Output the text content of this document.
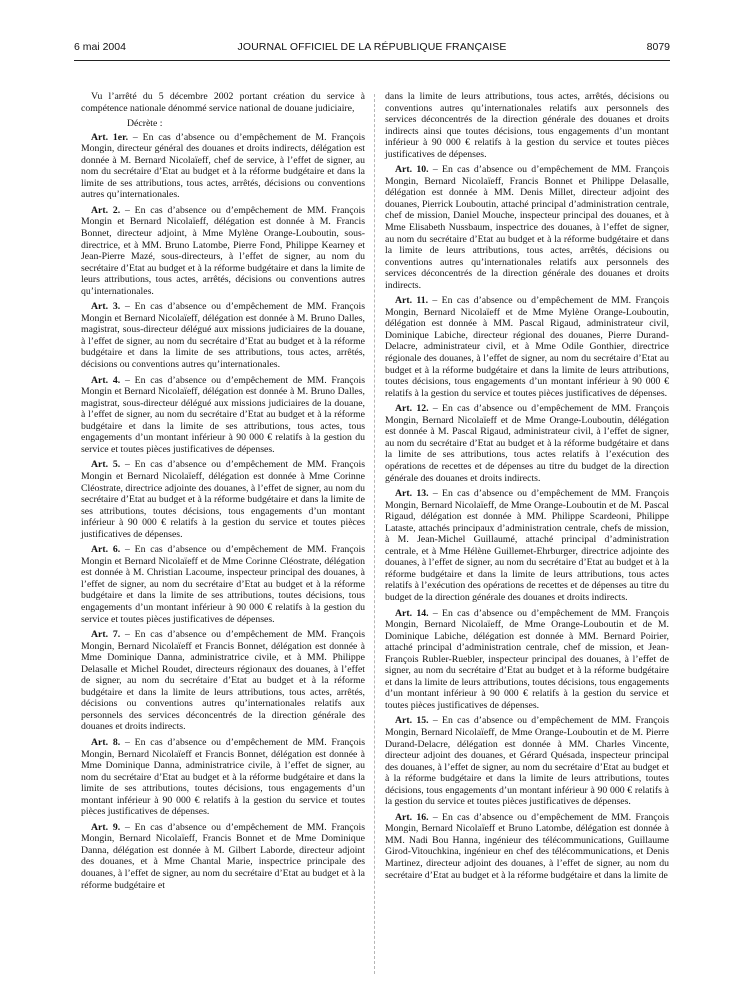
6 mai 2004	JOURNAL OFFICIEL DE LA RÉPUBLIQUE FRANÇAISE	8079

Vu l’arrêté du 5 décembre 2002 portant création du service à compétence nationale dénommé service national de douane judiciaire,

Décrète :

Art. 1er. – En cas d’absence ou d’empêchement de M. François Mongin, directeur général des douanes et droits indirects, délégation est donnée à M. Bernard Nicolaïeff, chef de service, à l’effet de signer, au nom du secrétaire d’Etat au budget et à la réforme budgétaire et dans la limite de ses attributions, tous actes, arrêtés, décisions ou conventions autres qu’internationales.

Art. 2. – En cas d’absence ou d’empêchement de MM. François Mongin et Bernard Nicolaïeff, délégation est donnée à M. Francis Bonnet, directeur adjoint, à Mme Mylène Orange-Louboutin, sous-directrice, et à MM. Bruno Latombe, Pierre Fond, Philippe Kearney et Jean-Pierre Mazé, sous-directeurs, à l’effet de signer, au nom du secrétaire d’Etat au budget et à la réforme budgétaire et dans la limite de leurs attributions, tous actes, arrêtés, décisions ou conventions autres qu’internationales.

Art. 3. – En cas d’absence ou d’empêchement de MM. François Mongin et Bernard Nicolaïeff, délégation est donnée à M. Bruno Dalles, magistrat, sous-directeur délégué aux missions judiciaires de la douane, à l’effet de signer, au nom du secrétaire d’Etat au budget et à la réforme budgétaire et dans la limite de ses attributions, tous actes, arrêtés, décisions ou conventions autres qu’internationales.

Art. 4. – En cas d’absence ou d’empêchement de MM. François Mongin et Bernard Nicolaïeff, délégation est donnée à M. Bruno Dalles, magistrat, sous-directeur délégué aux missions judiciaires de la douane, à l’effet de signer, au nom du secrétaire d’Etat au budget et à la réforme budgétaire et dans la limite de ses attributions, tous actes, tous engagements d’un montant inférieur à 90 000 € relatifs à la gestion du service et toutes pièces justificatives de dépenses.

Art. 5. – En cas d’absence ou d’empêchement de MM. François Mongin et Bernard Nicolaïeff, délégation est donnée à Mme Corinne Cléostrate, directrice adjointe des douanes, à l’effet de signer, au nom du secrétaire d’Etat au budget et à la réforme budgétaire et dans la limite de ses attributions, toutes décisions, tous engagements d’un montant inférieur à 90 000 € relatifs à la gestion du service et toutes pièces justificatives de dépenses.

Art. 6. – En cas d’absence ou d’empêchement de MM. François Mongin et Bernard Nicolaïeff et de Mme Corinne Cléostrate, délégation est donnée à M. Christian Lacoume, inspecteur principal des douanes, à l’effet de signer, au nom du secrétaire d’Etat au budget et à la réforme budgétaire et dans la limite de ses attributions, toutes décisions, tous engagements d’un montant inférieur à 90 000 € relatifs à la gestion du service et toutes pièces justificatives de dépenses.

Art. 7. – En cas d’absence ou d’empêchement de MM. François Mongin, Bernard Nicolaïeff et Francis Bonnet, délégation est donnée à Mme Dominique Danna, administratrice civile, et à MM. Philippe Delasalle et Michel Roudet, directeurs régionaux des douanes, à l’effet de signer, au nom du secrétaire d’Etat au budget et à la réforme budgétaire et dans la limite de leurs attributions, tous actes, arrêtés, décisions ou conventions autres qu’internationales relatifs aux personnels des services déconcentrés de la direction générale des douanes et droits indirects.

Art. 8. – En cas d’absence ou d’empêchement de MM. François Mongin, Bernard Nicolaïeff et Francis Bonnet, délégation est donnée à Mme Dominique Danna, administratrice civile, à l’effet de signer, au nom du secrétaire d’Etat au budget et à la réforme budgétaire et dans la limite de ses attributions, toutes décisions, tous engagements d’un montant inférieur à 90 000 € relatifs à la gestion du service et toutes pièces justificatives de dépenses.

Art. 9. – En cas d’absence ou d’empêchement de MM. François Mongin, Bernard Nicolaïeff, Francis Bonnet et de Mme Dominique Danna, délégation est donnée à M. Gilbert Laborde, directeur adjoint des douanes, et à Mme Chantal Marie, inspectrice principale des douanes, à l’effet de signer, au nom du secrétaire d’Etat au budget et à la réforme budgétaire et

dans la limite de leurs attributions, tous actes, arrêtés, décisions ou conventions autres qu’internationales relatifs aux personnels des services déconcentrés de la direction générale des douanes et droits indirects ainsi que toutes décisions, tous engagements d’un montant inférieur à 90 000 € relatifs à la gestion du service et toutes pièces justificatives de dépenses.

Art. 10. – En cas d’absence ou d’empêchement de MM. François Mongin, Bernard Nicolaïeff, Francis Bonnet et Philippe Delasalle, délégation est donnée à MM. Denis Millet, directeur adjoint des douanes, Pierrick Louboutin, attaché principal d’administration centrale, chef de mission, Daniel Mouche, inspecteur principal des douanes, et à Mme Elisabeth Nussbaum, inspectrice des douanes, à l’effet de signer, au nom du secrétaire d’Etat au budget et à la réforme budgétaire et dans la limite de leurs attributions, tous actes, arrêtés, décisions ou conventions autres qu’internationales relatifs aux personnels des services déconcentrés de la direction générale des douanes et droits indirects.

Art. 11. – En cas d’absence ou d’empêchement de MM. François Mongin, Bernard Nicolaïeff et de Mme Mylène Orange-Louboutin, délégation est donnée à MM. Pascal Rigaud, administrateur civil, Dominique Labiche, directeur régional des douanes, Pierre Durand-Delacre, administrateur civil, et à Mme Odile Gonthier, directrice régionale des douanes, à l’effet de signer, au nom du secrétaire d’Etat au budget et à la réforme budgétaire et dans la limite de leurs attributions, toutes décisions, tous engagements d’un montant inférieur à 90 000 € relatifs à la gestion du service et toutes pièces justificatives de dépenses.

Art. 12. – En cas d’absence ou d’empêchement de MM. François Mongin, Bernard Nicolaïeff et de Mme Orange-Louboutin, délégation est donnée à M. Pascal Rigaud, administrateur civil, à l’effet de signer, au nom du secrétaire d’Etat au budget et à la réforme budgétaire et dans la limite de ses attributions, tous actes relatifs à l’exécution des opérations de recettes et de dépenses au titre du budget de la direction générale des douanes et droits indirects.

Art. 13. – En cas d’absence ou d’empêchement de MM. François Mongin, Bernard Nicolaïeff, de Mme Orange-Louboutin et de M. Pascal Rigaud, délégation est donnée à MM. Philippe Scardeoni, Philippe Lataste, attachés principaux d’administration centrale, chefs de mission, à M. Jean-Michel Guillaumé, attaché principal d’administration centrale, et à Mme Hélène Guillemet-Ehrburger, directrice adjointe des douanes, à l’effet de signer, au nom du secrétaire d’Etat au budget et à la réforme budgétaire et dans la limite de leurs attributions, tous actes relatifs à l’exécution des opérations de recettes et de dépenses au titre du budget de la direction générale des douanes et droits indirects.

Art. 14. – En cas d’absence ou d’empêchement de MM. François Mongin, Bernard Nicolaïeff, de Mme Orange-Louboutin et de M. Dominique Labiche, délégation est donnée à MM. Bernard Poirier, attaché principal d’administration centrale, chef de mission, et Jean-François Rubler-Ruebler, inspecteur principal des douanes, à l’effet de signer, au nom du secrétaire d’Etat au budget et à la réforme budgétaire et dans la limite de leurs attributions, toutes décisions, tous engagements d’un montant inférieur à 90 000 € relatifs à la gestion du service et toutes pièces justificatives de dépenses.

Art. 15. – En cas d’absence ou d’empêchement de MM. François Mongin, Bernard Nicolaïeff, de Mme Orange-Louboutin et de M. Pierre Durand-Delacre, délégation est donnée à MM. Charles Vincente, directeur adjoint des douanes, et Gérard Quésada, inspecteur principal des douanes, à l’effet de signer, au nom du secrétaire d’Etat au budget et à la réforme budgétaire et dans la limite de leurs attributions, toutes décisions, tous engagements d’un montant inférieur à 90 000 € relatifs à la gestion du service et toutes pièces justificatives de dépenses.

Art. 16. – En cas d’absence ou d’empêchement de MM. François Mongin, Bernard Nicolaïeff et Bruno Latombe, délégation est donnée à MM. Nadi Bou Hanna, ingénieur des télécommunications, Guillaume Girod-Vitouchkina, ingénieur en chef des télécommunications, et Denis Martinez, directeur adjoint des douanes, à l’effet de signer, au nom du secrétaire d’Etat au budget et à la réforme budgétaire et dans la limite de
